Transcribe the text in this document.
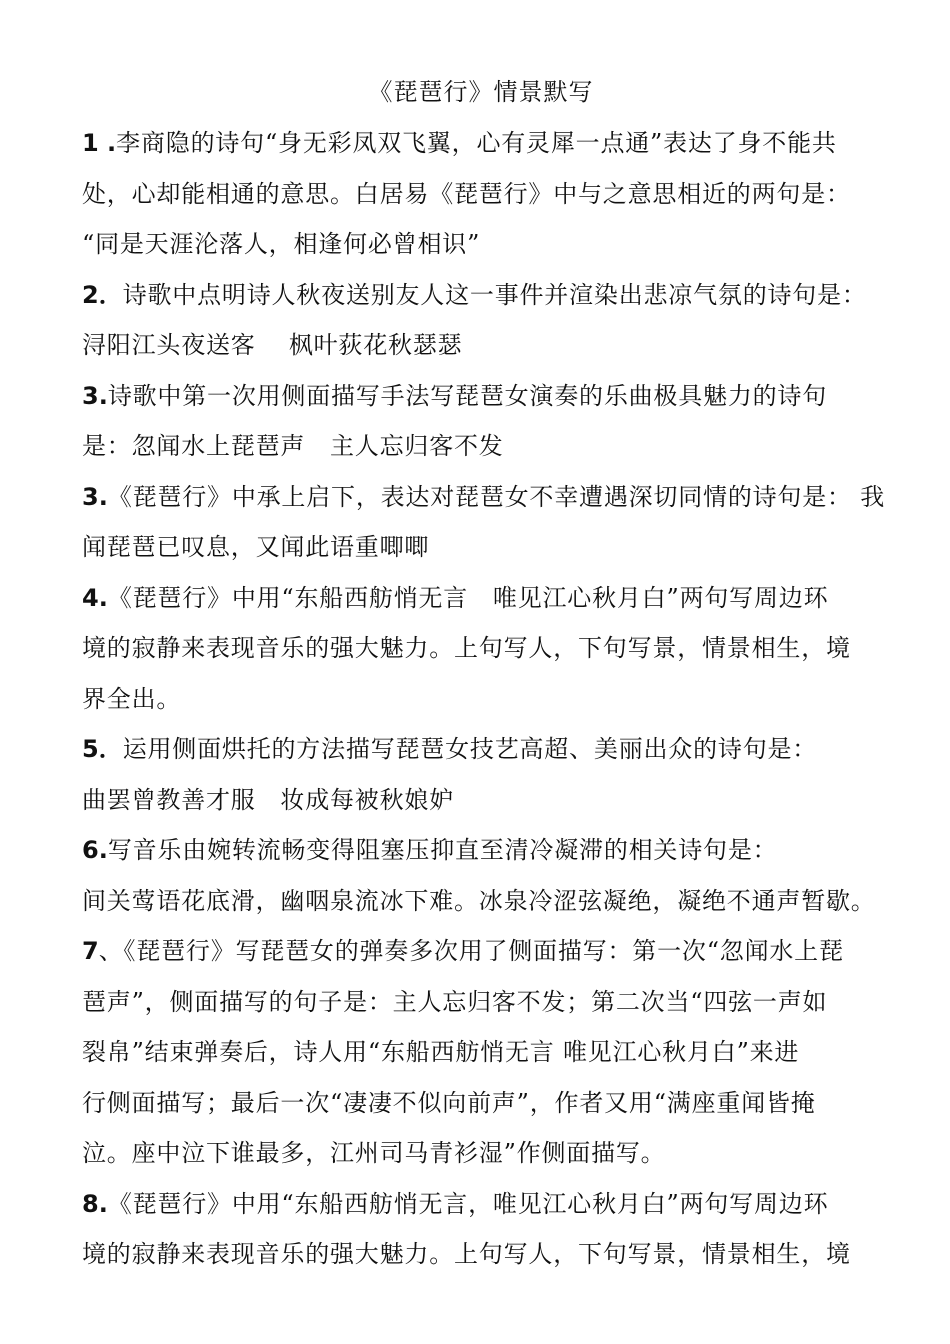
《琵琶行》情景默写
1 .李商隐的诗句“身无彩凤双飞翼，心有灵犀一点通”表达了身不能共
处，心却能相通的意思。白居易《琵琶行》中与之意思相近的两句是：
“同是天涯沦落人，相逢何必曾相识”
2．诗歌中点明诗人秋夜送别友人这一事件并渲染出悲凉气氛的诗句是：
浔阳江头夜送客　 枫叶荻花秋瑟瑟
3.诗歌中第一次用侧面描写手法写琵琶女演奏的乐曲极具魅力的诗句
是：忽闻水上琵琶声　主人忘归客不发
3.《琵琶行》中承上启下，表达对琵琶女不幸遭遇深切同情的诗句是： 我
闻琵琶已叹息，又闻此语重唧唧
4.《琵琶行》中用“东船西舫悄无言　唯见江心秋月白”两句写周边环
境的寂静来表现音乐的强大魅力。上句写人，下句写景，情景相生，境
界全出。
5．运用侧面烘托的方法描写琵琶女技艺高超、美丽出众的诗句是：
曲罢曾教善才服　妆成每被秋娘妒
6.写音乐由婉转流畅变得阻塞压抑直至清冷凝滞的相关诗句是：
间关莺语花底滑，幽咽泉流冰下难。冰泉冷涩弦凝绝，凝绝不通声暂歇。
7、《琵琶行》写琵琶女的弹奏多次用了侧面描写：第一次“忽闻水上琵
琶声”，侧面描写的句子是：主人忘归客不发；第二次当“四弦一声如
裂帛”结束弹奏后，诗人用“东船西舫悄无言 唯见江心秋月白”来进
行侧面描写；最后一次“凄凄不似向前声”，作者又用“满座重闻皆掩
泣。座中泣下谁最多，江州司马青衫湿”作侧面描写。
8.《琵琶行》中用“东船西舫悄无言，唯见江心秋月白”两句写周边环
境的寂静来表现音乐的强大魅力。上句写人，下句写景，情景相生，境
